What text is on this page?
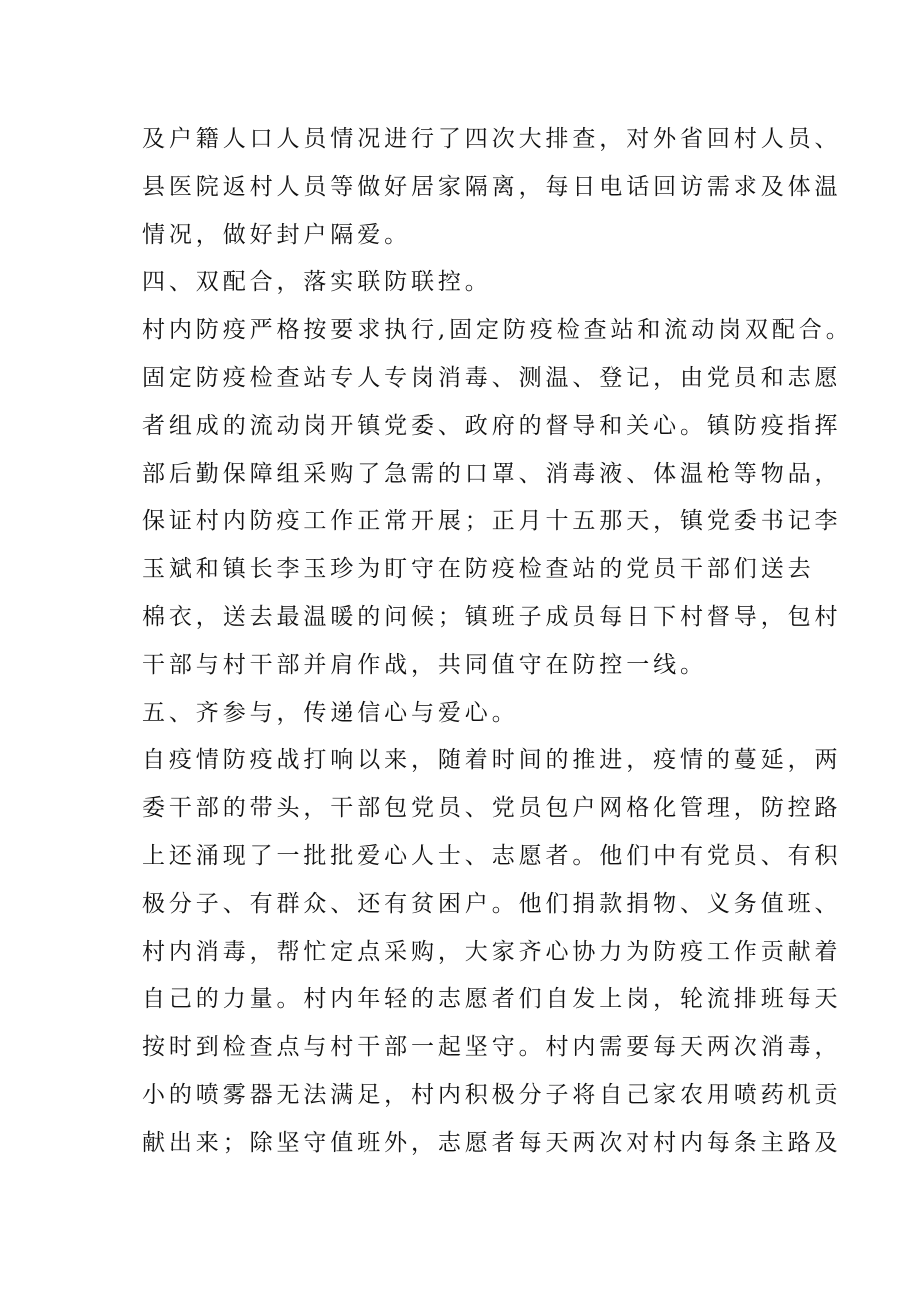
及户籍人口人员情况进行了四次大排查，对外省回村人员、
县医院返村人员等做好居家隔离，每日电话回访需求及体温
情况，做好封户隔爱。
四、双配合，落实联防联控。
村内防疫严格按要求执行,固定防疫检查站和流动岗双配合。
固定防疫检查站专人专岗消毒、测温、登记，由党员和志愿
者组成的流动岗开镇党委、政府的督导和关心。镇防疫指挥
部后勤保障组采购了急需的口罩、消毒液、体温枪等物品，
保证村内防疫工作正常开展；正月十五那天，镇党委书记李
玉斌和镇长李玉珍为盯守在防疫检查站的党员干部们送去
棉衣，送去最温暖的问候；镇班子成员每日下村督导，包村
干部与村干部并肩作战，共同值守在防控一线。
五、齐参与，传递信心与爱心。
自疫情防疫战打响以来，随着时间的推进，疫情的蔓延，两
委干部的带头，干部包党员、党员包户网格化管理，防控路
上还涌现了一批批爱心人士、志愿者。他们中有党员、有积
极分子、有群众、还有贫困户。他们捐款捐物、义务值班、
村内消毒，帮忙定点采购，大家齐心协力为防疫工作贡献着
自己的力量。村内年轻的志愿者们自发上岗，轮流排班每天
按时到检查点与村干部一起坚守。村内需要每天两次消毒，
小的喷雾器无法满足，村内积极分子将自己家农用喷药机贡
献出来；除坚守值班外，志愿者每天两次对村内每条主路及
